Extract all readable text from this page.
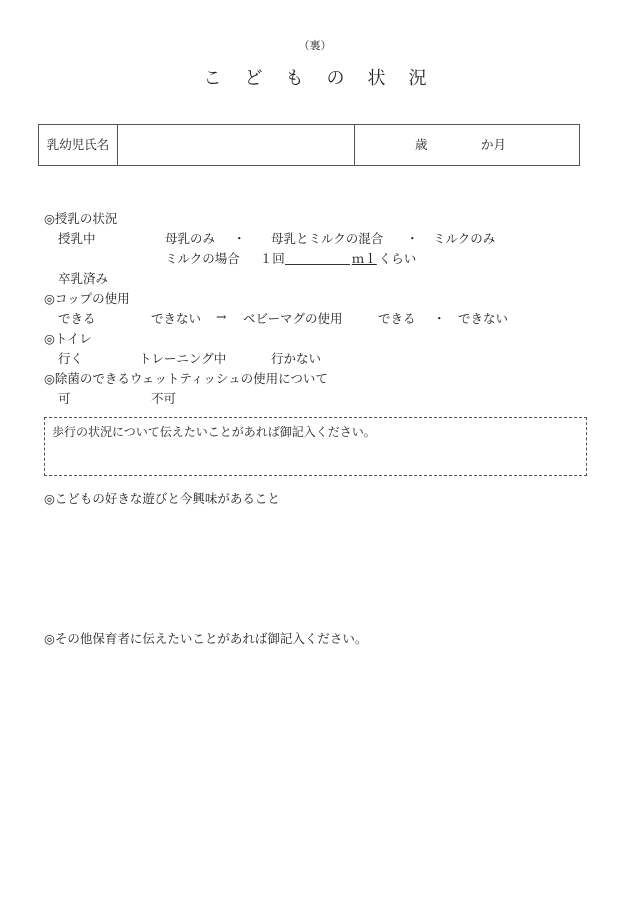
（裏）
こどもの状況
乳幼児氏名	歳	か月
◎授乳の状況
授乳中	母乳のみ ・ 母乳とミルクの混合 ・ ミルクのみ
ミルクの場合 １回	ｍｌ くらい
卒乳済み
◎コップの使用
できる	できない → ベビーマグの使用	できる ・ できない
◎トイレ
行く	トレーニング中	行かない
◎除菌のできるウェットティッシュの使用について
可	不可
歩行の状況について伝えたいことがあれば御記入ください。
◎こどもの好きな遊びと今興味があること
◎その他保育者に伝えたいことがあれば御記入ください。
